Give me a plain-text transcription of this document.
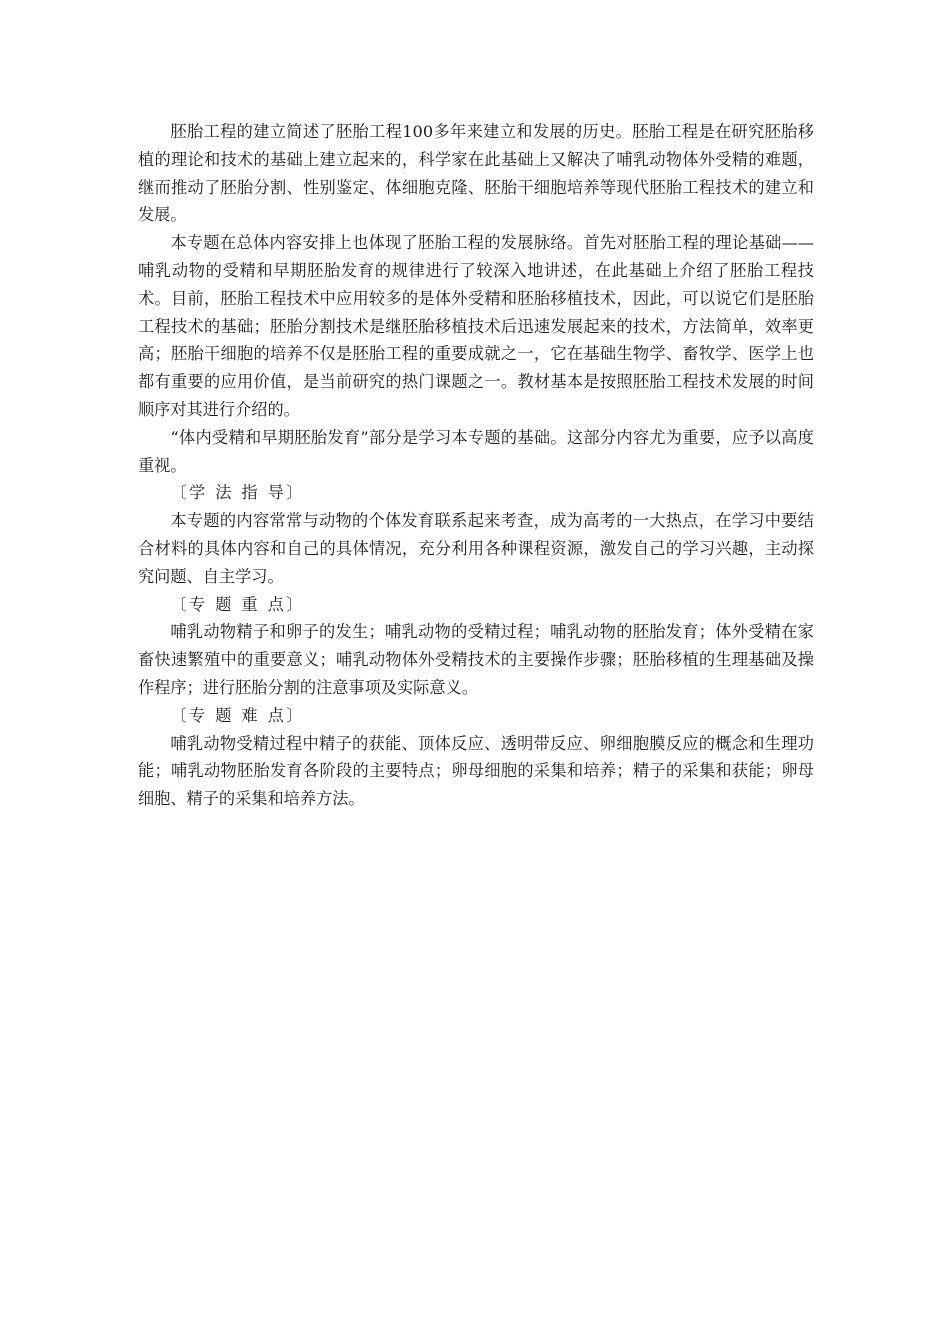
胚胎工程的建立简述了胚胎工程100多年来建立和发展的历史。胚胎工程是在研究胚胎移植的理论和技术的基础上建立起来的，科学家在此基础上又解决了哺乳动物体外受精的难题，继而推动了胚胎分割、性别鉴定、体细胞克隆、胚胎干细胞培养等现代胚胎工程技术的建立和发展。

本专题在总体内容安排上也体现了胚胎工程的发展脉络。首先对胚胎工程的理论基础——哺乳动物的受精和早期胚胎发育的规律进行了较深入地讲述，在此基础上介绍了胚胎工程技术。目前，胚胎工程技术中应用较多的是体外受精和胚胎移植技术，因此，可以说它们是胚胎工程技术的基础；胚胎分割技术是继胚胎移植技术后迅速发展起来的技术，方法简单，效率更高；胚胎干细胞的培养不仅是胚胎工程的重要成就之一，它在基础生物学、畜牧学、医学上也都有重要的应用价值，是当前研究的热门课题之一。教材基本是按照胚胎工程技术发展的时间顺序对其进行介绍的。

“体内受精和早期胚胎发育”部分是学习本专题的基础。这部分内容尤为重要，应予以高度重视。

〔学 法 指 导〕

本专题的内容常常与动物的个体发育联系起来考查，成为高考的一大热点，在学习中要结合材料的具体内容和自己的具体情况，充分利用各种课程资源，激发自己的学习兴趣，主动探究问题、自主学习。

〔专 题 重 点〕

哺乳动物精子和卵子的发生；哺乳动物的受精过程；哺乳动物的胚胎发育；体外受精在家畜快速繁殖中的重要意义；哺乳动物体外受精技术的主要操作步骤；胚胎移植的生理基础及操作程序；进行胚胎分割的注意事项及实际意义。

〔专 题 难 点〕

哺乳动物受精过程中精子的获能、顶体反应、透明带反应、卵细胞膜反应的概念和生理功能；哺乳动物胚胎发育各阶段的主要特点；卵母细胞的采集和培养；精子的采集和获能；卵母细胞、精子的采集和培养方法。
